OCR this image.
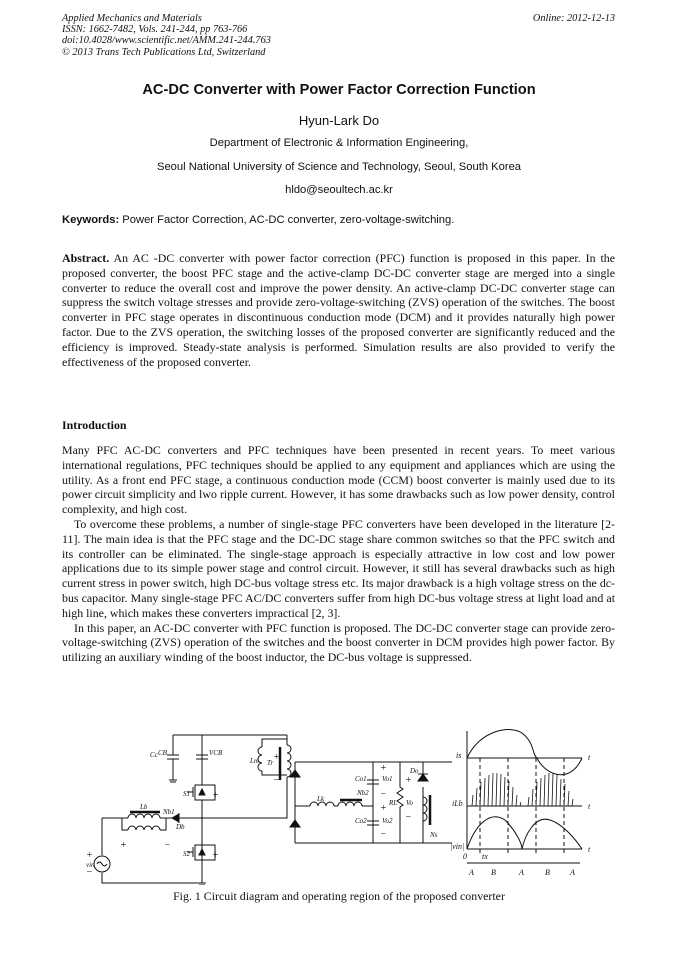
Applied Mechanics and Materials
ISSN: 1662-7482, Vols. 241-244, pp 763-766
doi:10.4028/www.scientific.net/AMM.241-244.763
© 2013 Trans Tech Publications Ltd, Switzerland
Online: 2012-12-13
AC-DC Converter with Power Factor Correction Function
Hyun-Lark Do
Department of Electronic & Information Engineering,
Seoul National University of Science and Technology, Seoul, South Korea
hldo@seoultech.ac.kr
Keywords: Power Factor Correction, AC-DC converter, zero-voltage-switching.

Abstract. An AC -DC converter with power factor correction (PFC) function is proposed in this paper. In the proposed converter, the boost PFC stage and the active-clamp DC-DC converter stage are merged into a single converter to reduce the overall cost and improve the power density. An active-clamp DC-DC converter stage can suppress the switch voltage stresses and provide zero-voltage-switching (ZVS) operation of the switches. The boost converter in PFC stage operates in discontinuous conduction mode (DCM) and it provides naturally high power factor. Due to the ZVS operation, the switching losses of the proposed converter are significantly reduced and the efficiency is improved. Steady-state analysis is performed. Simulation results are also provided to verify the effectiveness of the proposed converter.

Introduction

Many PFC AC-DC converters and PFC techniques have been presented in recent years. To meet various international regulations, PFC techniques should be applied to any equipment and appliances which are using the utility. As a front end PFC stage, a continuous conduction mode (CCM) boost converter is mainly used due to its power circuit simplicity and lwo ripple current. However, it has some drawbacks such as low power density, control complexity, and high cost.

To overcome these problems, a number of single-stage PFC converters have been developed in the literature [2-11]. The main idea is that the PFC stage and the DC-DC stage share common switches so that the PFC switch and its controller can be eliminated. The single-stage approach is especially attractive in low cost and low power applications due to its simple power stage and control circuit. However, it still has several drawbacks such as high current stress in power switch, high DC-bus voltage stress etc. Its major drawback is a high voltage stress on the dc-bus capacitor. Many single-stage PFC AC/DC converters suffer from high DC-bus voltage stress at light load and at high line, which makes these converters impractical [2, 3].

In this paper, an AC-DC converter with PFC function is proposed. The DC-DC converter stage can provide zero-voltage-switching (ZVS) operation of the switches and the boost converter in DCM provides high power factor. By utilizing an auxiliary winding of the boost inductor, the DC-bus voltage is suppressed.

vin
Lb
Nb1
Db
CB	VCB
S1
S2
Tr
Cc
Lm
+
−
+	−
+
+
+
−
Lk
Nb2
Co1 Vo1
Co2 Vo2
RL Vo
Do
Ns
+
−
+
−
+
−
is
iLb
|vin|
t
t
t
0 tx
A B	A	B	A
Fig. 1 Circuit diagram and operating region of the proposed converter
